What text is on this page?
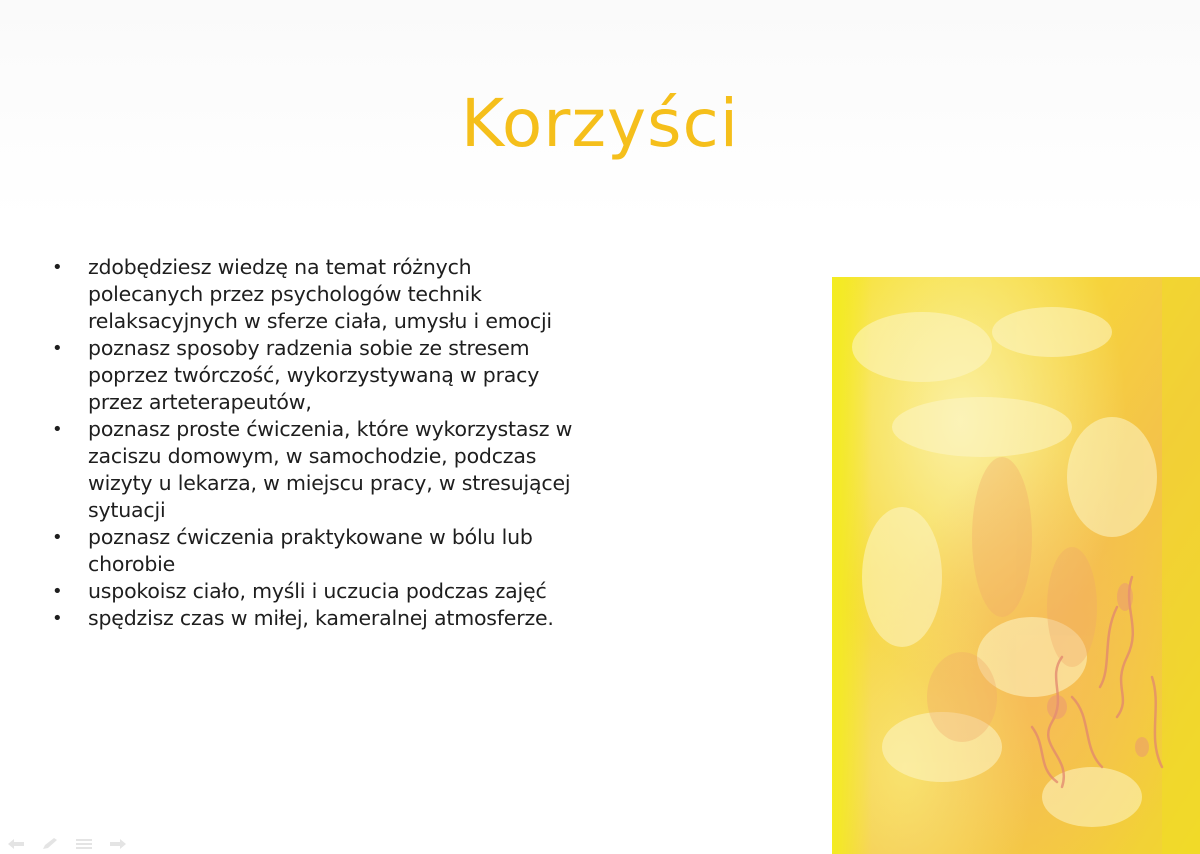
Korzyści
•	zdobędziesz wiedzę na temat różnych
polecanych przez psychologów technik
relaksacyjnych w sferze ciała, umysłu i emocji
•	poznasz sposoby radzenia sobie ze stresem
poprzez twórczość, wykorzystywaną w pracy
przez arteterapeutów,
•	poznasz proste ćwiczenia, które wykorzystasz w
zaciszu domowym, w samochodzie, podczas
wizyty u lekarza, w miejscu pracy, w stresującej
sytuacji
•	poznasz ćwiczenia praktykowane w bólu lub
chorobie
•	uspokoisz ciało, myśli i uczucia podczas zajęć
•	spędzisz czas w miłej, kameralnej atmosferze.
